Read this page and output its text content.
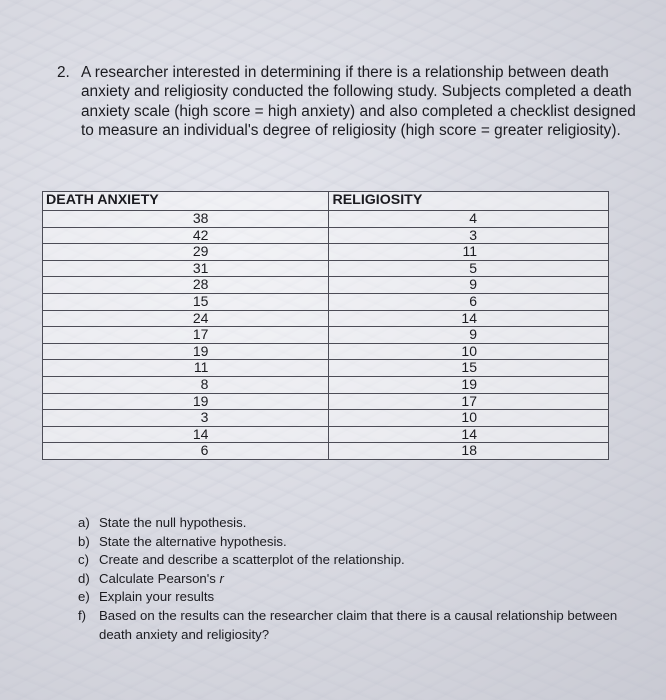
2. A researcher interested in determining if there is a relationship between death anxiety and religiosity conducted the following study. Subjects completed a death anxiety scale (high score = high anxiety) and also completed a checklist designed to measure an individual's degree of religiosity (high score = greater religiosity).
DEATH ANXIETY	RELIGIOSITY
38	4
42	3
29	11
31	5
28	9
15	6
24	14
17	9
19	10
11	15
8	19
19	17
3	10
14	14
6	18
a) State the null hypothesis.
b) State the alternative hypothesis.
c) Create and describe a scatterplot of the relationship.
d) Calculate Pearson's r
e) Explain your results
f) Based on the results can the researcher claim that there is a causal relationship between death anxiety and religiosity?
